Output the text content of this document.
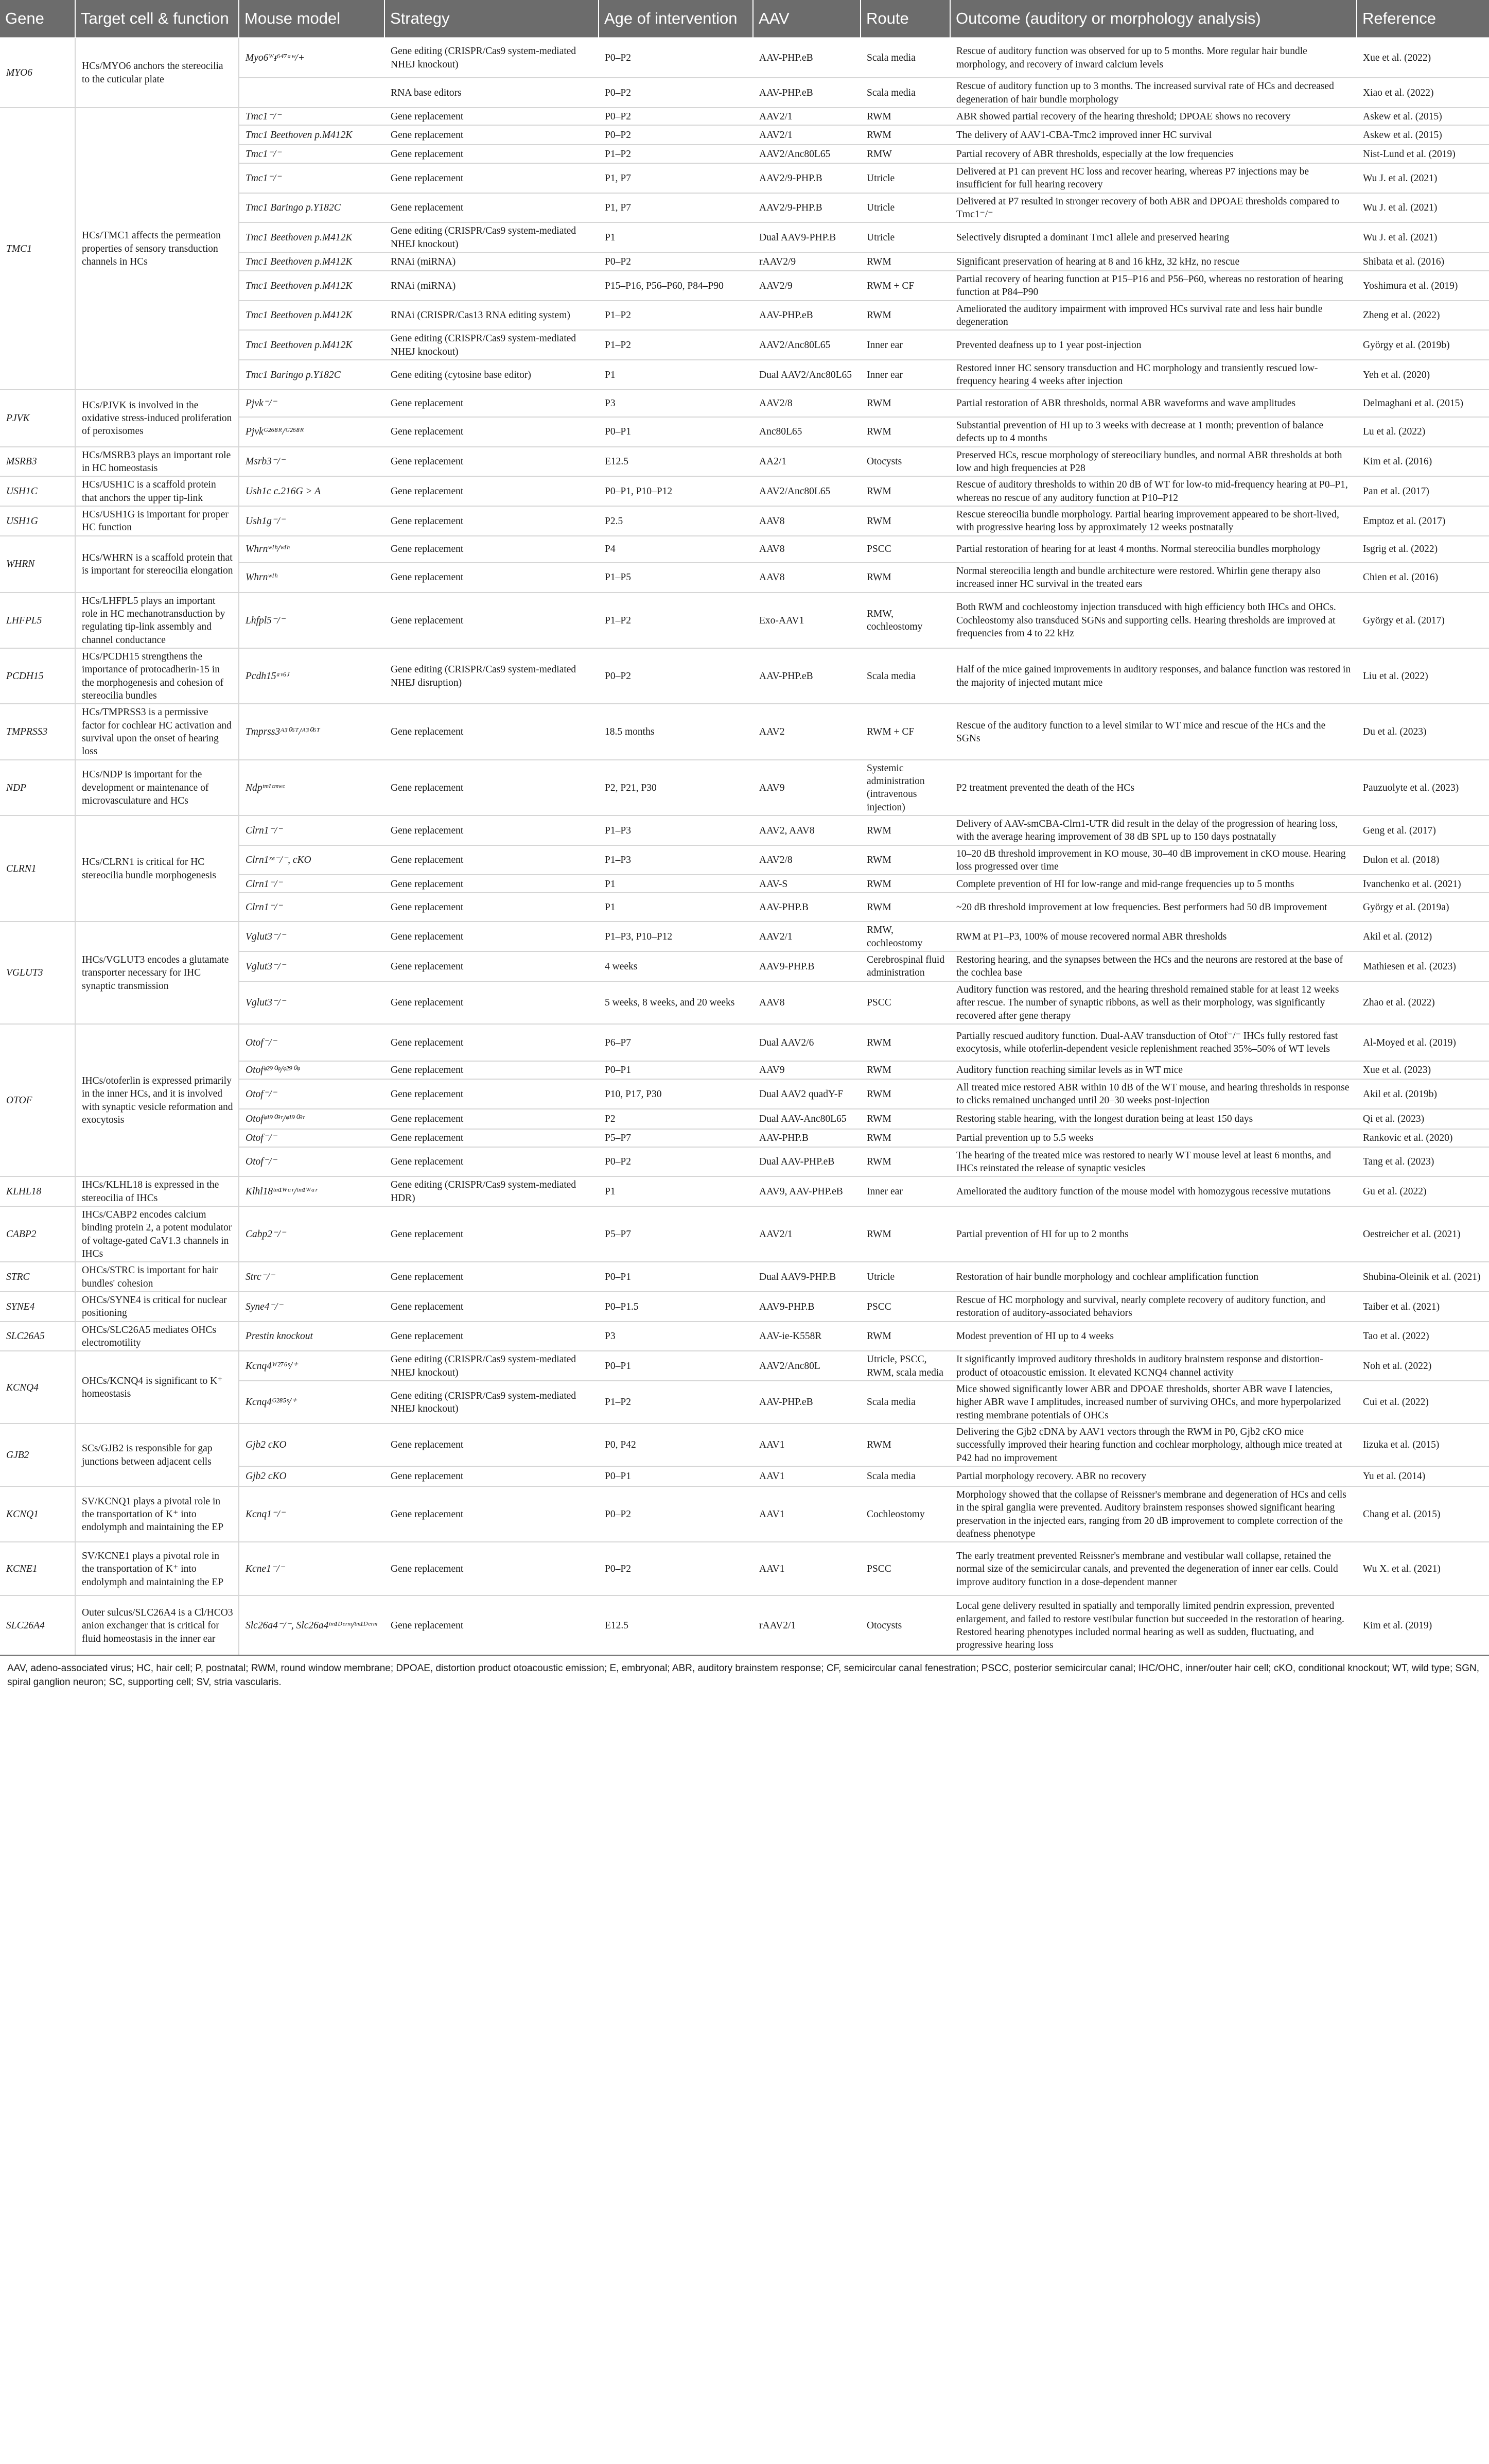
Gene	Target cell & function	Mouse model	Strategy	Age of intervention	AAV	Route	Outcome (auditory or morphology analysis)	Reference
MYO6	HCs/MYO6 anchors the stereocilia to the cuticular plate	Myo6ᵂᵻ⁶⁴⁷ᵃʷ/+	Gene editing (CRISPR/Cas9 system-mediated NHEJ knockout)	P0–P2	AAV-PHP.eB	Scala media	Rescue of auditory function was observed for up to 5 months. More regular hair bundle morphology, and recovery of inward calcium levels	Xue et al. (2022)
			RNA base editors	P0–P2	AAV-PHP.eB	Scala media	Rescue of auditory function up to 3 months. The increased survival rate of HCs and decreased degeneration of hair bundle morphology	Xiao et al. (2022)
TMC1	HCs/TMC1 affects the permeation properties of sensory transduction channels in HCs	Tmc1⁻/⁻	Gene replacement	P0–P2	AAV2/1	RWM	ABR showed partial recovery of the hearing threshold; DPOAE shows no recovery	Askew et al. (2015)
		Tmc1 Beethoven p.M412K	Gene replacement	P0–P2	AAV2/1	RWM	The delivery of AAV1-CBA-Tmc2 improved inner HC survival	Askew et al. (2015)
		Tmc1⁻/⁻	Gene replacement	P1–P2	AAV2/Anc80L65	RMW	Partial recovery of ABR thresholds, especially at the low frequencies	Nist-Lund et al. (2019)
		Tmc1⁻/⁻	Gene replacement	P1, P7	AAV2/9-PHP.B	Utricle	Delivered at P1 can prevent HC loss and recover hearing, whereas P7 injections may be insufficient for full hearing recovery	Wu J. et al. (2021)
		Tmc1 Baringo p.Y182C	Gene replacement	P1, P7	AAV2/9-PHP.B	Utricle	Delivered at P7 resulted in stronger recovery of both ABR and DPOAE thresholds compared to Tmc1⁻/⁻	Wu J. et al. (2021)
		Tmc1 Beethoven p.M412K	Gene editing (CRISPR/Cas9 system-mediated NHEJ knockout)	P1	Dual AAV9-PHP.B	Utricle	Selectively disrupted a dominant Tmc1 allele and preserved hearing	Wu J. et al. (2021)
		Tmc1 Beethoven p.M412K	RNAi (miRNA)	P0–P2	rAAV2/9	RWM	Significant preservation of hearing at 8 and 16 kHz, 32 kHz, no rescue	Shibata et al. (2016)
		Tmc1 Beethoven p.M412K	RNAi (miRNA)	P15–P16, P56–P60, P84–P90	AAV2/9	RWM + CF	Partial recovery of hearing function at P15–P16 and P56–P60, whereas no restoration of hearing function at P84–P90	Yoshimura et al. (2019)
		Tmc1 Beethoven p.M412K	RNAi (CRISPR/Cas13 RNA editing system)	P1–P2	AAV-PHP.eB	RWM	Ameliorated the auditory impairment with improved HCs survival rate and less hair bundle degeneration	Zheng et al. (2022)
		Tmc1 Beethoven p.M412K	Gene editing (CRISPR/Cas9 system-mediated NHEJ knockout)	P1–P2	AAV2/Anc80L65	Inner ear	Prevented deafness up to 1 year post-injection	György et al. (2019b)
		Tmc1 Baringo p.Y182C	Gene editing (cytosine base editor)	P1	Dual AAV2/Anc80L65	Inner ear	Restored inner HC sensory transduction and HC morphology and transiently rescued low-frequency hearing 4 weeks after injection	Yeh et al. (2020)
PJVK	HCs/PJVK is involved in the oxidative stress-induced proliferation of peroxisomes	Pjvk⁻/⁻	Gene replacement	P3	AAV2/8	RWM	Partial restoration of ABR thresholds, normal ABR waveforms and wave amplitudes	Delmaghani et al. (2015)
		Pjvkᴳ²⁶⁸ᴿ/ᴳ²⁶⁸ᴿ	Gene replacement	P0–P1	Anc80L65	RWM	Substantial prevention of HI up to 3 weeks with decrease at 1 month; prevention of balance defects up to 4 months	Lu et al. (2022)
MSRB3	HCs/MSRB3 plays an important role in HC homeostasis	Msrb3⁻/⁻	Gene replacement	E12.5	AA2/1	Otocysts	Preserved HCs, rescue morphology of stereociliary bundles, and normal ABR thresholds at both low and high frequencies at P28	Kim et al. (2016)
USH1C	HCs/USH1C is a scaffold protein that anchors the upper tip-link	Ush1c c.216G > A	Gene replacement	P0–P1, P10–P12	AAV2/Anc80L65	RWM	Rescue of auditory thresholds to within 20 dB of WT for low-to mid-frequency hearing at P0–P1, whereas no rescue of any auditory function at P10–P12	Pan et al. (2017)
USH1G	HCs/USH1G is important for proper HC function	Ush1g⁻/⁻	Gene replacement	P2.5	AAV8	RWM	Rescue stereocilia bundle morphology. Partial hearing improvement appeared to be short-lived, with progressive hearing loss by approximately 12 weeks postnatally	Emptoz et al. (2017)
WHRN	HCs/WHRN is a scaffold protein that is important for stereocilia elongation	Whrnʷᴵʰ/ʷᴵʰ	Gene replacement	P4	AAV8	PSCC	Partial restoration of hearing for at least 4 months. Normal stereocilia bundles morphology	Isgrig et al. (2022)
		Whrnʷᴵʰ	Gene replacement	P1–P5	AAV8	RWM	Normal stereocilia length and bundle architecture were restored. Whirlin gene therapy also increased inner HC survival in the treated ears	Chien et al. (2016)
LHFPL5	HCs/LHFPL5 plays an important role in HC mechanotransduction by regulating tip-link assembly and channel conductance	Lhfpl5⁻/⁻	Gene replacement	P1–P2	Exo-AAV1	RMW, cochleostomy	Both RWM and cochleostomy injection transduced with high efficiency both IHCs and OHCs. Cochleostomy also transduced SGNs and supporting cells. Hearing thresholds are improved at frequencies from 4 to 22 kHz	György et al. (2017)
PCDH15	HCs/PCDH15 strengthens the importance of protocadherin-15 in the morphogenesis and cohesion of stereocilia bundles	Pcdh15ᵃᵛ⁶ᴶ	Gene editing (CRISPR/Cas9 system-mediated NHEJ disruption)	P0–P2	AAV-PHP.eB	Scala media	Half of the mice gained improvements in auditory responses, and balance function was restored in the majority of injected mutant mice	Liu et al. (2022)
TMPRSS3	HCs/TMPRSS3 is a permissive factor for cochlear HC activation and survival upon the onset of hearing loss	Tmprss3ᴬ³⁰⁶ᵀ/ᴬ³⁰⁶ᵀ	Gene replacement	18.5 months	AAV2	RWM + CF	Rescue of the auditory function to a level similar to WT mice and rescue of the HCs and the SGNs	Du et al. (2023)
NDP	HCs/NDP is important for the development or maintenance of microvasculature and HCs	Ndpᵗᵐ¹ᶜᵐʷᶜ	Gene replacement	P2, P21, P30	AAV9	Systemic administration (intravenous injection)	P2 treatment prevented the death of the HCs	Pauzuolyte et al. (2023)
CLRN1	HCs/CLRN1 is critical for HC stereocilia bundle morphogenesis	Clrn1⁻/⁻	Gene replacement	P1–P3	AAV2, AAV8	RWM	Delivery of AAV-smCBA-Clrn1-UTR did result in the delay of the progression of hearing loss, with the average hearing improvement of 38 dB SPL up to 150 days postnatally	Geng et al. (2017)
		Clrn1ˣᵉ⁻/⁻, cKO	Gene replacement	P1–P3	AAV2/8	RWM	10–20 dB threshold improvement in KO mouse, 30–40 dB improvement in cKO mouse. Hearing loss progressed over time	Dulon et al. (2018)
		Clrn1⁻/⁻	Gene replacement	P1	AAV-S	RWM	Complete prevention of HI for low-range and mid-range frequencies up to 5 months	Ivanchenko et al. (2021)
		Clrn1⁻/⁻	Gene replacement	P1	AAV-PHP.B	RWM	~20 dB threshold improvement at low frequencies. Best performers had 50 dB improvement	György et al. (2019a)
VGLUT3	IHCs/VGLUT3 encodes a glutamate transporter necessary for IHC synaptic transmission	Vglut3⁻/⁻	Gene replacement	P1–P3, P10–P12	AAV2/1	RMW, cochleostomy	RWM at P1–P3, 100% of mouse recovered normal ABR thresholds	Akil et al. (2012)
		Vglut3⁻/⁻	Gene replacement	4 weeks	AAV9-PHP.B	Cerebrospinal fluid administration	Restoring hearing, and the synapses between the HCs and the neurons are restored at the base of the cochlea base	Mathiesen et al. (2023)
		Vglut3⁻/⁻	Gene replacement	5 weeks, 8 weeks, and 20 weeks	AAV8	PSCC	Auditory function was restored, and the hearing threshold remained stable for at least 12 weeks after rescue. The number of synaptic ribbons, as well as their morphology, was significantly recovered after gene therapy	Zhao et al. (2022)
OTOF	IHCs/otoferlin is expressed primarily in the inner HCs, and it is involved with synaptic vesicle reformation and exocytosis	Otof⁻/⁻	Gene replacement	P6–P7	Dual AAV2/6	RWM	Partially rescued auditory function. Dual-AAV transduction of Otof⁻/⁻ IHCs fully restored fast exocytosis, while otoferlin-dependent vesicle replenishment reached 35%–50% of WT levels	Al-Moyed et al. (2019)
		Otofᵠ²⁹⁰ᵠ/ᵠ²⁹⁰ᵠ	Gene replacement	P0–P1	AAV9	RWM	Auditory function reaching similar levels as in WT mice	Xue et al. (2023)
		Otof⁻/⁻	Gene replacement	P10, P17, P30	Dual AAV2 quadY-F	RWM	All treated mice restored ABR within 10 dB of the WT mouse, and hearing thresholds in response to clicks remained unchanged until 20–30 weeks post-injection	Akil et al. (2019b)
		Otofᵠ¹⁹⁰⁹ʳ/ᵠ¹⁹⁰⁹ʳ	Gene replacement	P2	Dual AAV-Anc80L65	RWM	Restoring stable hearing, with the longest duration being at least 150 days	Qi et al. (2023)
		Otof⁻/⁻	Gene replacement	P5–P7	AAV-PHP.B	RWM	Partial prevention up to 5.5 weeks	Rankovic et al. (2020)
		Otof⁻/⁻	Gene replacement	P0–P2	Dual AAV-PHP.eB	RWM	The hearing of the treated mice was restored to nearly WT mouse level at least 6 months, and IHCs reinstated the release of synaptic vesicles	Tang et al. (2023)
KLHL18	IHCs/KLHL18 is expressed in the stereocilia of IHCs	Klhl18ᵗᵐ¹ᵂᵃʳ/ᵗᵐ¹ᵂᵃʳ	Gene editing (CRISPR/Cas9 system-mediated HDR)	P1	AAV9, AAV-PHP.eB	Inner ear	Ameliorated the auditory function of the mouse model with homozygous recessive mutations	Gu et al. (2022)
CABP2	IHCs/CABP2 encodes calcium binding protein 2, a potent modulator of voltage-gated CaV1.3 channels in IHCs	Cabp2⁻/⁻	Gene replacement	P5–P7	AAV2/1	RWM	Partial prevention of HI for up to 2 months	Oestreicher et al. (2021)
STRC	OHCs/STRC is important for hair bundles' cohesion	Strc⁻/⁻	Gene replacement	P0–P1	Dual AAV9-PHP.B	Utricle	Restoration of hair bundle morphology and cochlear amplification function	Shubina-Oleinik et al. (2021)
SYNE4	OHCs/SYNE4 is critical for nuclear positioning	Syne4⁻/⁻	Gene replacement	P0–P1.5	AAV9-PHP.B	PSCC	Rescue of HC morphology and survival, nearly complete recovery of auditory function, and restoration of auditory-associated behaviors	Taiber et al. (2021)
SLC26A5	OHCs/SLC26A5 mediates OHCs electromotility	Prestin knockout	Gene replacement	P3	AAV-ie-K558R	RWM	Modest prevention of HI up to 4 weeks	Tao et al. (2022)
KCNQ4	OHCs/KCNQ4 is significant to K⁺ homeostasis	Kcnq4ᵂ²⁷⁶ˢ/⁺	Gene editing (CRISPR/Cas9 system-mediated NHEJ knockout)	P0–P1	AAV2/Anc80L	Utricle, PSCC, RWM, scala media	It significantly improved auditory thresholds in auditory brainstem response and distortion-product of otoacoustic emission. It elevated KCNQ4 channel activity	Noh et al. (2022)
		Kcnq4ᴳ²⁸⁵ˢ/⁺	Gene editing (CRISPR/Cas9 system-mediated NHEJ knockout)	P1–P2	AAV-PHP.eB	Scala media	Mice showed significantly lower ABR and DPOAE thresholds, shorter ABR wave I latencies, higher ABR wave I amplitudes, increased number of surviving OHCs, and more hyperpolarized resting membrane potentials of OHCs	Cui et al. (2022)
GJB2	SCs/GJB2 is responsible for gap junctions between adjacent cells	Gjb2 cKO	Gene replacement	P0, P42	AAV1	RWM	Delivering the Gjb2 cDNA by AAV1 vectors through the RWM in P0, Gjb2 cKO mice successfully improved their hearing function and cochlear morphology, although mice treated at P42 had no improvement	Iizuka et al. (2015)
		Gjb2 cKO	Gene replacement	P0–P1	AAV1	Scala media	Partial morphology recovery. ABR no recovery	Yu et al. (2014)
KCNQ1	SV/KCNQ1 plays a pivotal role in the transportation of K⁺ into endolymph and maintaining the EP	Kcnq1⁻/⁻	Gene replacement	P0–P2	AAV1	Cochleostomy	Morphology showed that the collapse of Reissner's membrane and degeneration of HCs and cells in the spiral ganglia were prevented. Auditory brainstem responses showed significant hearing preservation in the injected ears, ranging from 20 dB improvement to complete correction of the deafness phenotype	Chang et al. (2015)
KCNE1	SV/KCNE1 plays a pivotal role in the transportation of K⁺ into endolymph and maintaining the EP	Kcne1⁻/⁻	Gene replacement	P0–P2	AAV1	PSCC	The early treatment prevented Reissner's membrane and vestibular wall collapse, retained the normal size of the semicircular canals, and prevented the degeneration of inner ear cells. Could improve auditory function in a dose-dependent manner	Wu X. et al. (2021)
SLC26A4	Outer sulcus/SLC26A4 is a Cl/HCO3 anion exchanger that is critical for fluid homeostasis in the inner ear	Slc26a4⁻/⁻, Slc26a4ᵗᵐ¹ᴰᵉʳᵐ/ᵗᵐ¹ᴰᵉʳᵐ	Gene replacement	E12.5	rAAV2/1	Otocysts	Local gene delivery resulted in spatially and temporally limited pendrin expression, prevented enlargement, and failed to restore vestibular function but succeeded in the restoration of hearing. Restored hearing phenotypes included normal hearing as well as sudden, fluctuating, and progressive hearing loss	Kim et al. (2019)
AAV, adeno-associated virus; HC, hair cell; P, postnatal; RWM, round window membrane; DPOAE, distortion product otoacoustic emission; E, embryonal; ABR, auditory brainstem response; CF, semicircular canal fenestration; PSCC, posterior semicircular canal; IHC/OHC, inner/outer hair cell; cKO, conditional knockout; WT, wild type; SGN, spiral ganglion neuron; SC, supporting cell; SV, stria vascularis.
